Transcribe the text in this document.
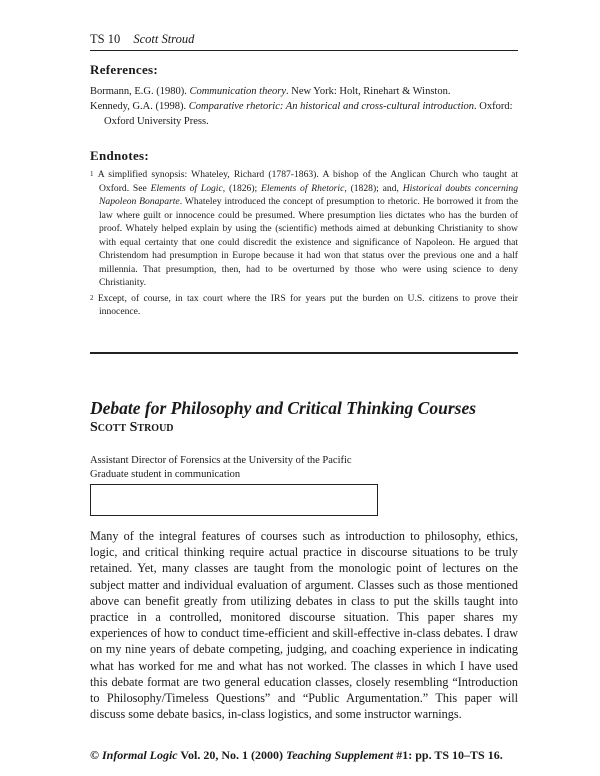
TS 10 Scott Stroud
References:

Bormann, E.G. (1980). Communication theory. New York: Holt, Rinehart & Winston.

Kennedy, G.A. (1998). Comparative rhetoric: An historical and cross-cultural introduction. Oxford: Oxford University Press.

Endnotes:

$^1$ A simplified synopsis: Whateley, Richard (1787-1863). A bishop of the Anglican Church who taught at Oxford. See Elements of Logic, (1826); Elements of Rhetoric, (1828); and, Historical doubts concerning Napoleon Bonaparte. Whateley introduced the concept of presumption to rhetoric. He borrowed it from the law where guilt or innocence could be presumed. Where presumption lies dictates who has the burden of proof. Whately helped explain by using the (scientific) methods aimed at debunking Christianity to show with equal certainty that one could discredit the existence and significance of Napoleon. He argued that Christendom had presumption in Europe because it had won that status over the previous one and a half millennia. That presumption, then, had to be overturned by those who were using science to deny Christianity.

$^2$ Except, of course, in tax court where the IRS for years put the burden on U.S. citizens to prove their innocence.

Debate for Philosophy and Critical Thinking Courses
Scott Stroud
Assistant Director of Forensics at the University of the Pacific
Graduate student in communication
Many of the integral features of courses such as introduction to philosophy, ethics, logic, and critical thinking require actual practice in discourse situations to be truly retained. Yet, many classes are taught from the monologic point of lectures on the subject matter and individual evaluation of argument. Classes such as those mentioned above can benefit greatly from utilizing debates in class to put the skills taught into practice in a controlled, monitored discourse situation. This paper shares my experiences of how to conduct time-efficient and skill-effective in-class debates. I draw on my nine years of debate competing, judging, and coaching experience in indicating what has worked for me and what has not worked. The classes in which I have used this debate format are two general education classes, closely resembling “Introduction to Philosophy/Timeless Questions” and “Public Argumentation.” This paper will discuss some debate basics, in-class logistics, and some instructor warnings.
© Informal Logic Vol. 20, No. 1 (2000) Teaching Supplement #1: pp. TS 10–TS 16.
